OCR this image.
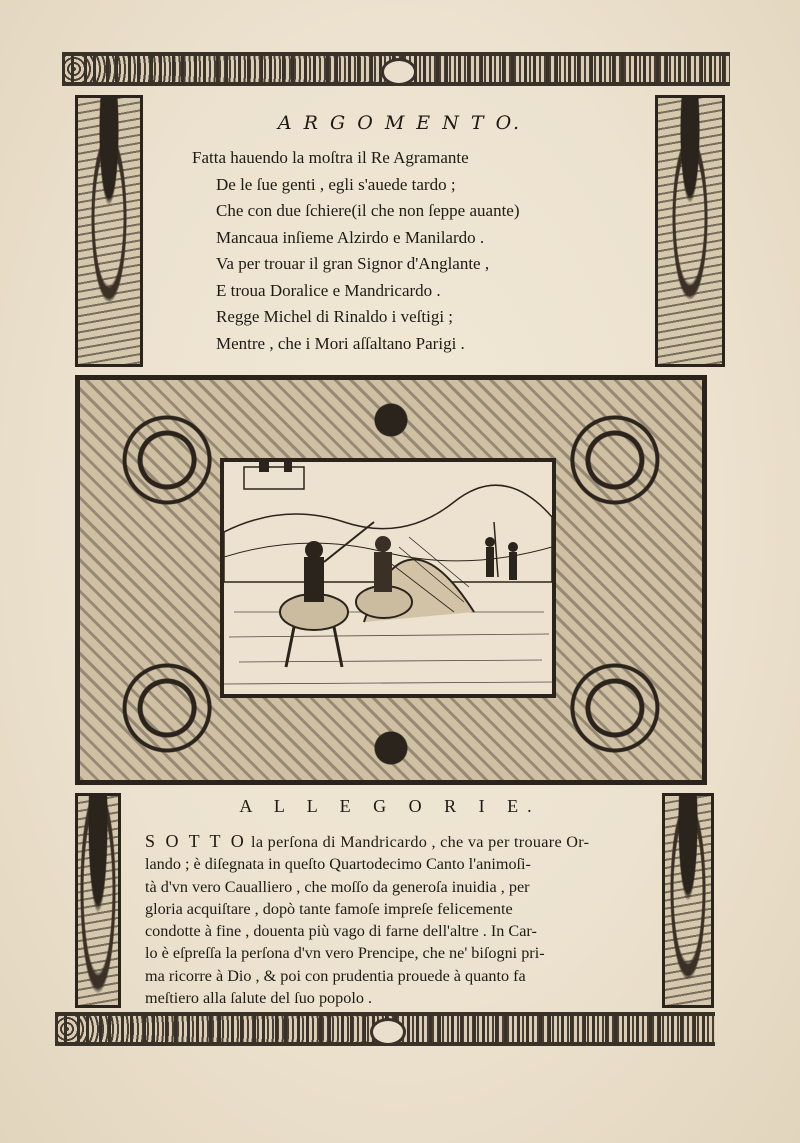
A R G O M E N T O.
Fatta hauendo la moſtra il Re Agramante
De le ſue genti , egli s'auede tardo ;
Che con due ſchiere(il che non ſeppe auante)
Mancaua inſieme Alzirdo e Manilardo .
Va per trouar il gran Signor d'Anglante ,
E troua Doralice e Mandricardo .
Regge Michel di Rinaldo i veſtigi ;
Mentre , che i Mori aſſaltano Parigi .
A L L E G O R I E.
S O T T O la perſona di Mandricardo , che va per trouare Or-
lando ; è diſegnata in queſto Quartodecimo Canto l'animoſi-
tà d'vn vero Caualliero , che moſſo da generoſa inuidia , per
gloria acquiſtare , dopò tante famoſe impreſe felicemente
condotte à fine , douenta più vago di farne dell'altre . In Car-
lo è eſpreſſa la perſona d'vn vero Prencipe, che ne' biſogni pri-
ma ricorre à Dio , & poi con prudentia prouede à quanto fa
meſtiero alla ſalute del ſuo popolo .
